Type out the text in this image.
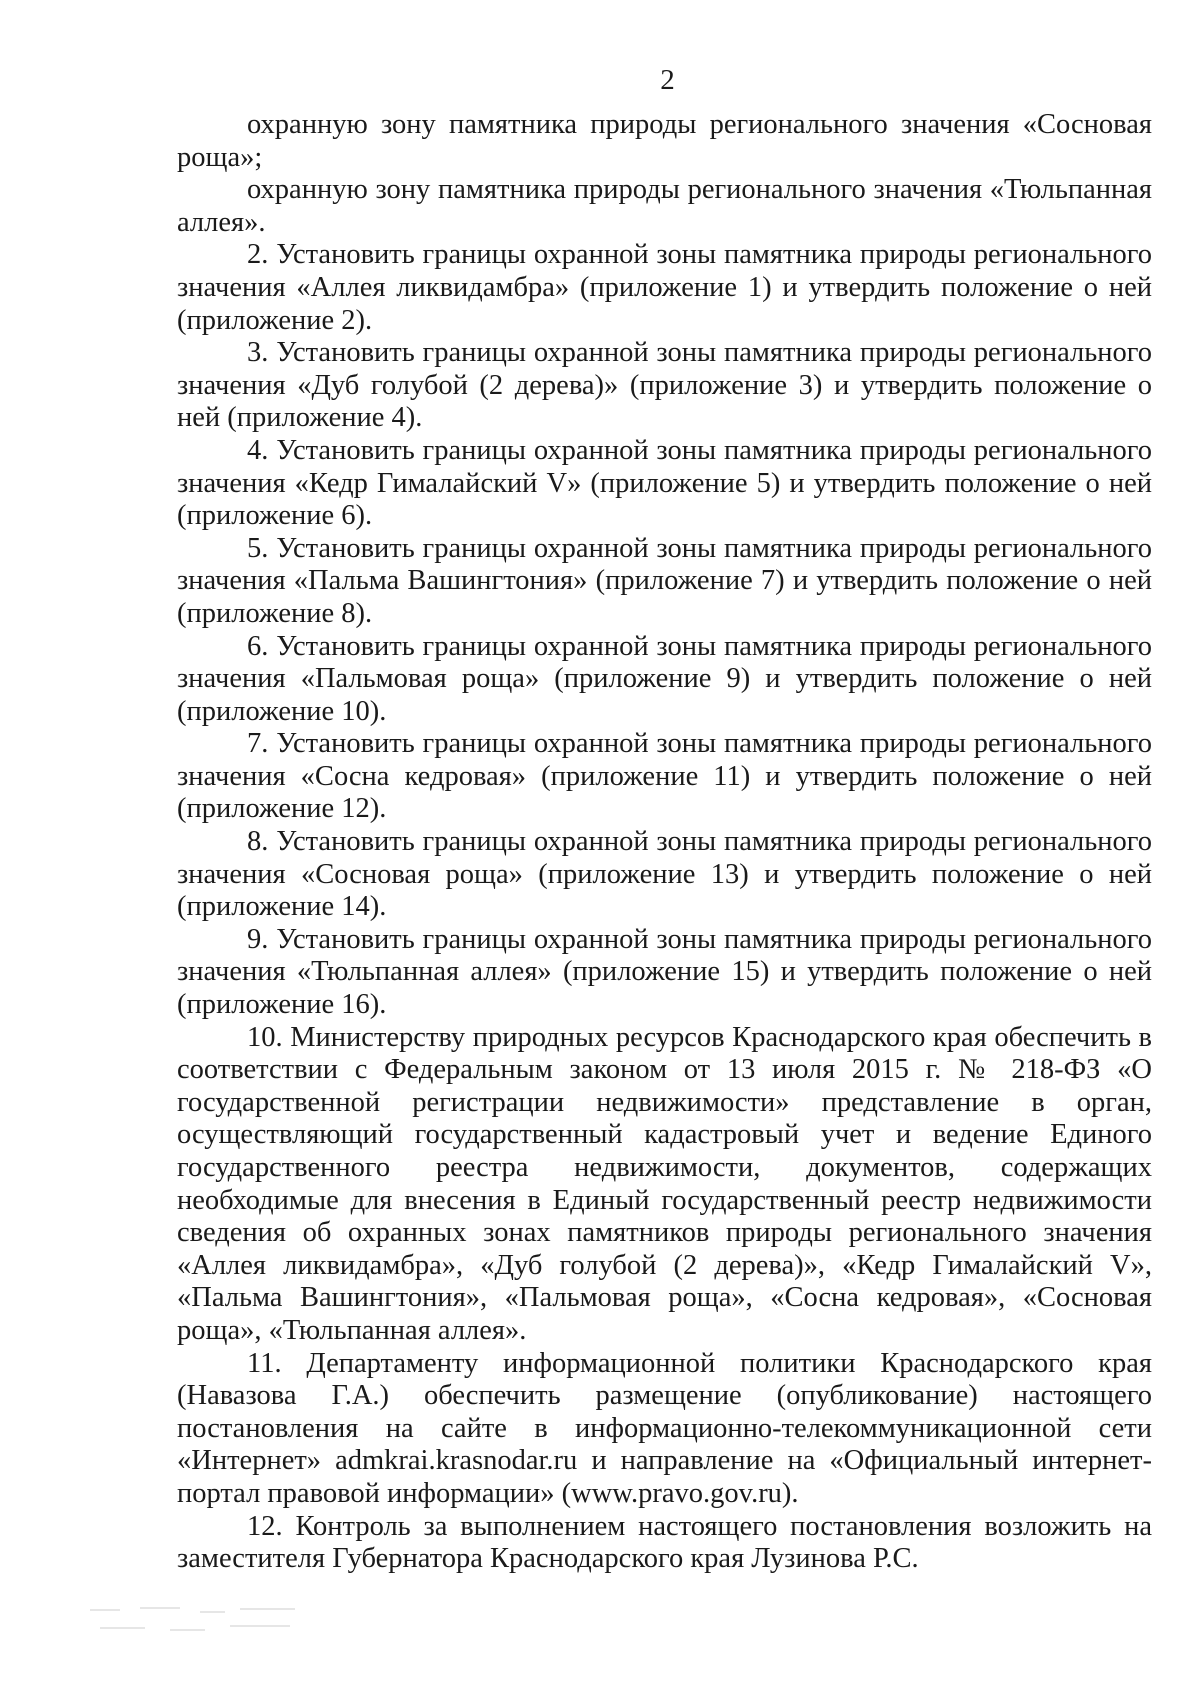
2

охранную зону памятника природы регионального значения «Сосновая роща»;

охранную зону памятника природы регионального значения «Тюльпанная аллея».

2. Установить границы охранной зоны памятника природы регионального значения «Аллея ликвидамбра» (приложение 1) и утвердить положение о ней (приложение 2).

3. Установить границы охранной зоны памятника природы регионального значения «Дуб голубой (2 дерева)» (приложение 3) и утвердить положение о ней (приложение 4).

4. Установить границы охранной зоны памятника природы регионального значения «Кедр Гималайский V» (приложение 5) и утвердить положение о ней (приложение 6).

5. Установить границы охранной зоны памятника природы регионального значения «Пальма Вашингтония» (приложение 7) и утвердить положение о ней (приложение 8).

6. Установить границы охранной зоны памятника природы регионального значения «Пальмовая роща» (приложение 9) и утвердить положение о ней (приложение 10).

7. Установить границы охранной зоны памятника природы регионального значения «Сосна кедровая» (приложение 11) и утвердить положение о ней (приложение 12).

8. Установить границы охранной зоны памятника природы регионального значения «Сосновая роща» (приложение 13) и утвердить положение о ней (приложение 14).

9. Установить границы охранной зоны памятника природы регионального значения «Тюльпанная аллея» (приложение 15) и утвердить положение о ней (приложение 16).

10. Министерству природных ресурсов Краснодарского края обеспечить в соответствии с Федеральным законом от 13 июля 2015 г. № 218-ФЗ «О государственной регистрации недвижимости» представление в орган, осуществляющий государственный кадастровый учет и ведение Единого государственного реестра недвижимости, документов, содержащих необходимые для внесения в Единый государственный реестр недвижимости сведения об охранных зонах памятников природы регионального значения «Аллея ликвидамбра», «Дуб голубой (2 дерева)», «Кедр Гималайский V», «Пальма Вашингтония», «Пальмовая роща», «Сосна кедровая», «Сосновая роща», «Тюльпанная аллея».

11. Департаменту информационной политики Краснодарского края (Навазова Г.А.) обеспечить размещение (опубликование) настоящего постановления на сайте в информационно-телекоммуникационной сети «Интернет» admkrai.krasnodar.ru и направление на «Официальный интернет-портал правовой информации» (www.pravo.gov.ru).

12. Контроль за выполнением настоящего постановления возложить на заместителя Губернатора Краснодарского края Лузинова Р.С.
